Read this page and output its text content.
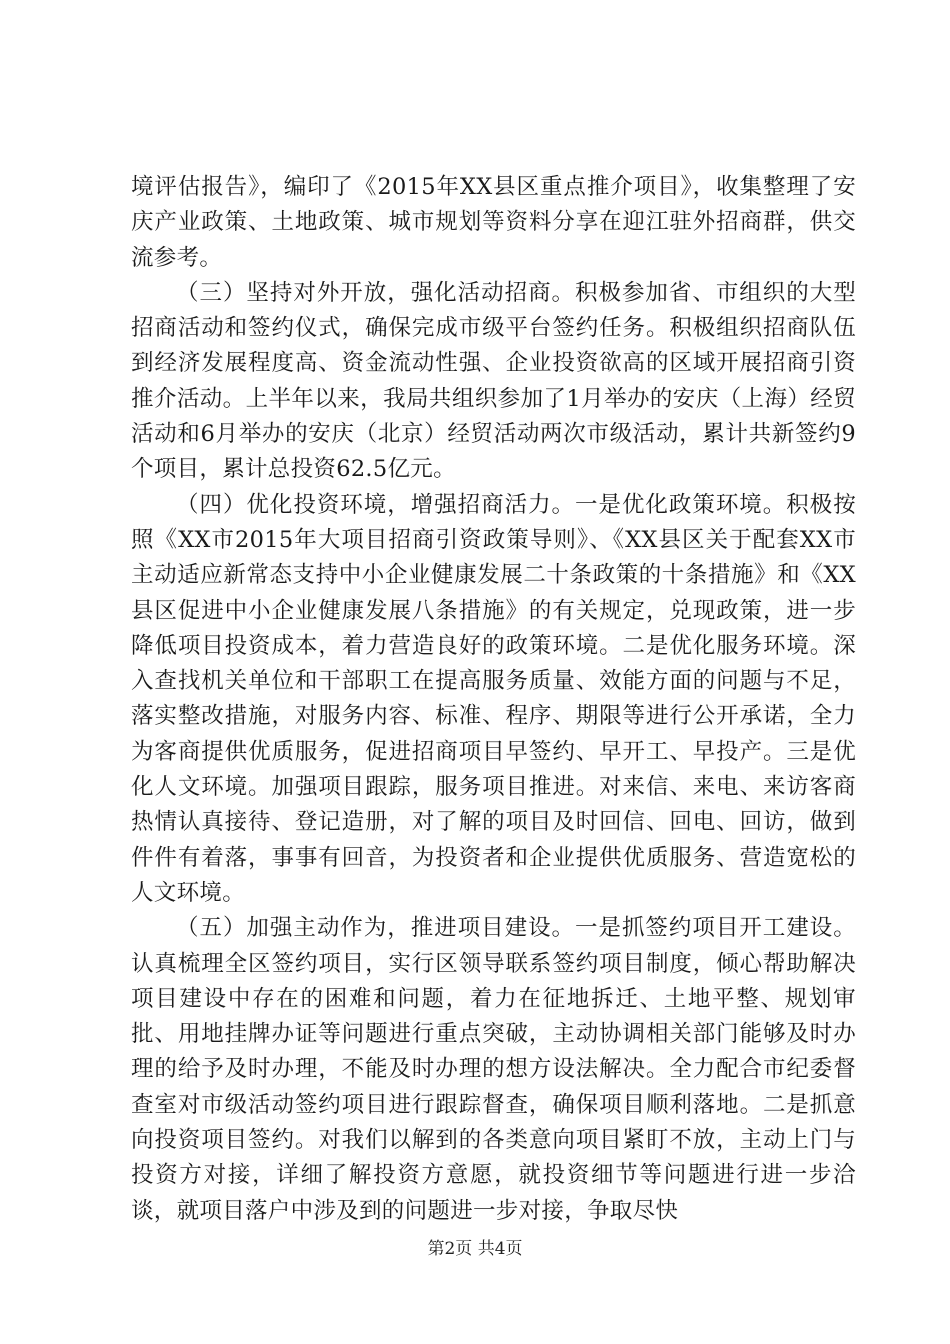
境评估报告》，编印了《2015年XX县区重点推介项目》，收集整理了安庆产业政策、土地政策、城市规划等资料分享在迎江驻外招商群，供交流参考。

（三）坚持对外开放，强化活动招商。积极参加省、市组织的大型招商活动和签约仪式，确保完成市级平台签约任务。积极组织招商队伍到经济发展程度高、资金流动性强、企业投资欲高的区域开展招商引资推介活动。上半年以来，我局共组织参加了1月举办的安庆（上海）经贸活动和6月举办的安庆（北京）经贸活动两次市级活动，累计共新签约9个项目，累计总投资62.5亿元。

（四）优化投资环境，增强招商活力。一是优化政策环境。积极按照《XX市2015年大项目招商引资政策导则》、《XX县区关于配套XX市主动适应新常态支持中小企业健康发展二十条政策的十条措施》和《XX县区促进中小企业健康发展八条措施》的有关规定，兑现政策，进一步降低项目投资成本，着力营造良好的政策环境。二是优化服务环境。深入查找机关单位和干部职工在提高服务质量、效能方面的问题与不足，落实整改措施，对服务内容、标准、程序、期限等进行公开承诺，全力为客商提供优质服务，促进招商项目早签约、早开工、早投产。三是优化人文环境。加强项目跟踪，服务项目推进。对来信、来电、来访客商热情认真接待、登记造册，对了解的项目及时回信、回电、回访，做到件件有着落，事事有回音，为投资者和企业提供优质服务、营造宽松的人文环境。

（五）加强主动作为，推进项目建设。一是抓签约项目开工建设。认真梳理全区签约项目，实行区领导联系签约项目制度，倾心帮助解决项目建设中存在的困难和问题，着力在征地拆迁、土地平整、规划审批、用地挂牌办证等问题进行重点突破，主动协调相关部门能够及时办理的给予及时办理，不能及时办理的想方设法解决。全力配合市纪委督查室对市级活动签约项目进行跟踪督查，确保项目顺利落地。二是抓意向投资项目签约。对我们以解到的各类意向项目紧盯不放，主动上门与投资方对接，详细了解投资方意愿，就投资细节等问题进行进一步洽谈，就项目落户中涉及到的问题进一步对接，争取尽快

第2页 共4页
